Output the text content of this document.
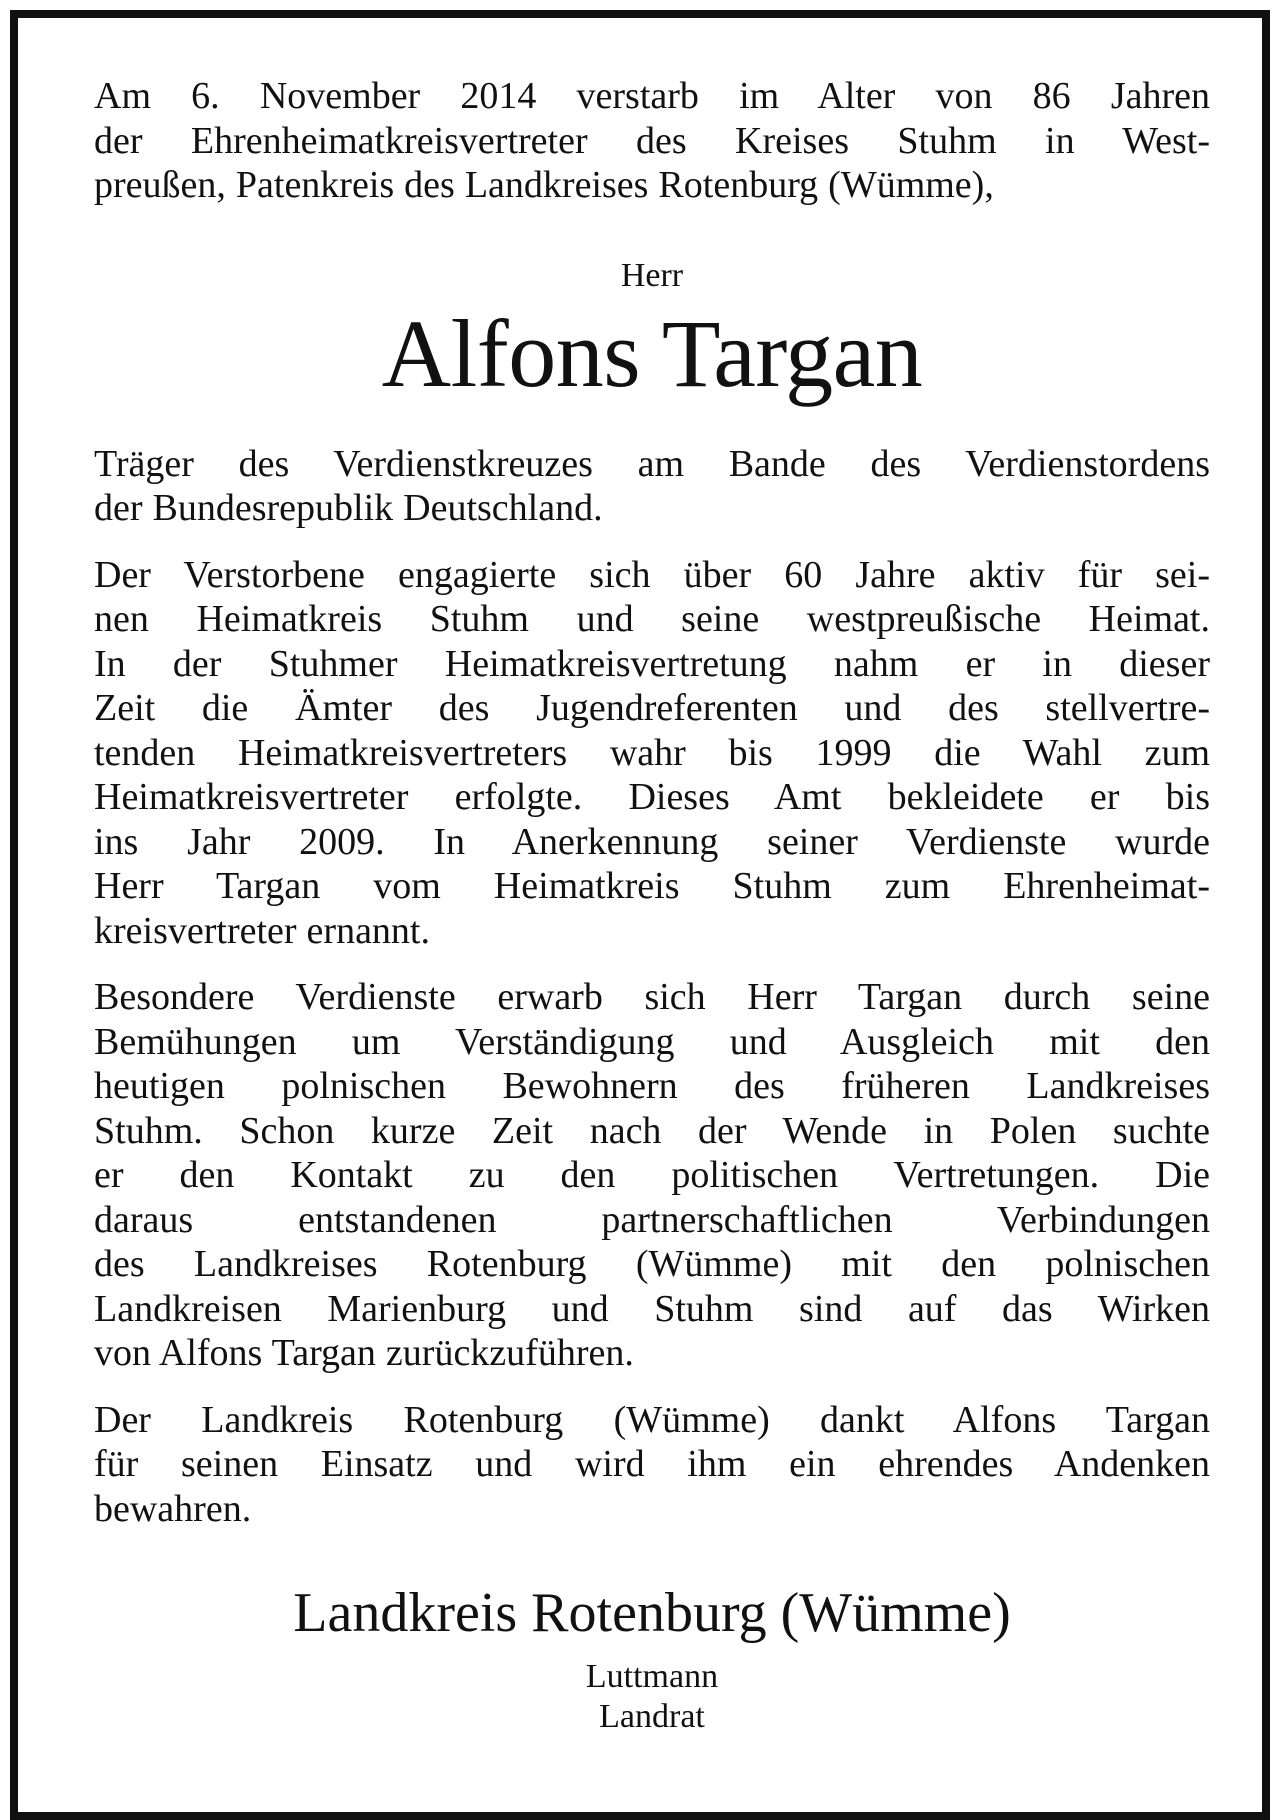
Am 6. November 2014 verstarb im Alter von 86 Jahren
der Ehrenheimatkreisvertreter des Kreises Stuhm in West-
preußen, Patenkreis des Landkreises Rotenburg (Wümme),

Herr

Alfons Targan

Träger des Verdienstkreuzes am Bande des Verdienstordens
der Bundesrepublik Deutschland.

Der Verstorbene engagierte sich über 60 Jahre aktiv für sei-
nen Heimatkreis Stuhm und seine westpreußische Heimat.
In der Stuhmer Heimatkreisvertretung nahm er in dieser
Zeit die Ämter des Jugendreferenten und des stellvertre-
tenden Heimatkreisvertreters wahr bis 1999 die Wahl zum
Heimatkreisvertreter erfolgte. Dieses Amt bekleidete er bis
ins Jahr 2009. In Anerkennung seiner Verdienste wurde
Herr Targan vom Heimatkreis Stuhm zum Ehrenheimat-
kreisvertreter ernannt.

Besondere Verdienste erwarb sich Herr Targan durch seine
Bemühungen um Verständigung und Ausgleich mit den
heutigen polnischen Bewohnern des früheren Landkreises
Stuhm. Schon kurze Zeit nach der Wende in Polen suchte
er den Kontakt zu den politischen Vertretungen. Die
daraus entstandenen partnerschaftlichen Verbindungen
des Landkreises Rotenburg (Wümme) mit den polnischen
Landkreisen Marienburg und Stuhm sind auf das Wirken
von Alfons Targan zurückzuführen.

Der Landkreis Rotenburg (Wümme) dankt Alfons Targan
für seinen Einsatz und wird ihm ein ehrendes Andenken
bewahren.

Landkreis Rotenburg (Wümme)

Luttmann

Landrat
